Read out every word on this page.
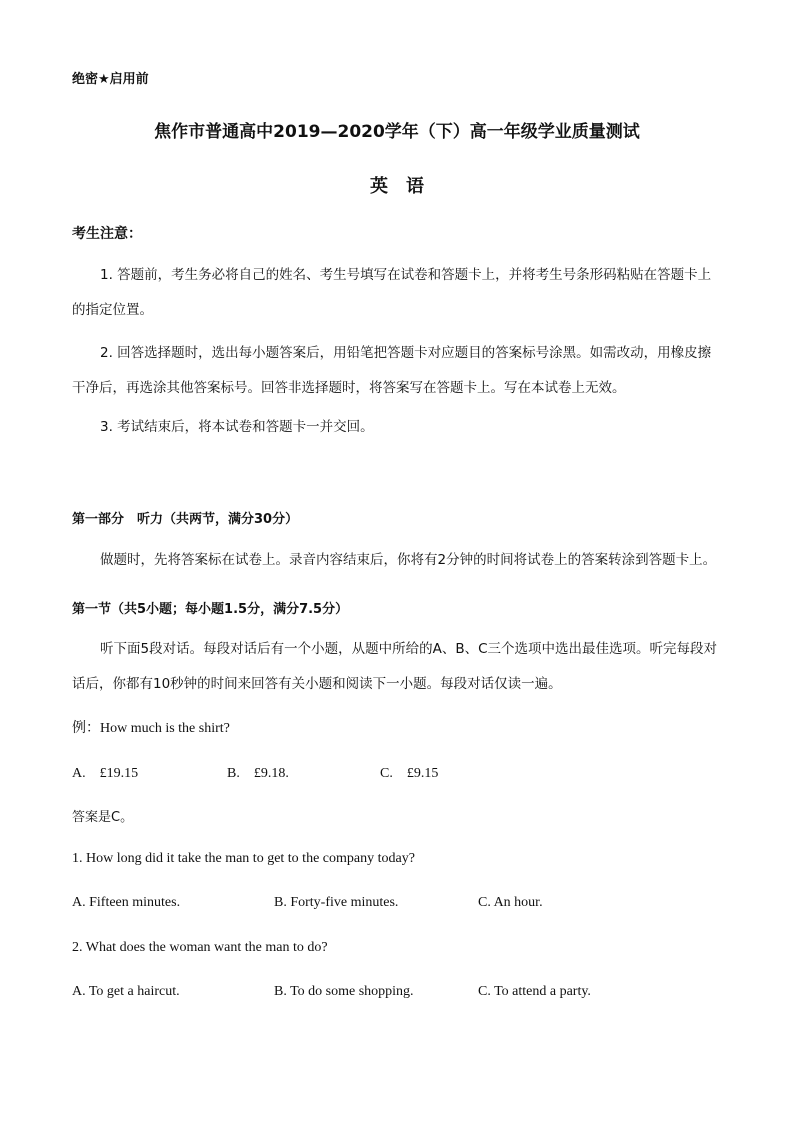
绝密★启用前
焦作市普通高中2019—2020学年（下）高一年级学业质量测试
英　语
考生注意：
1. 答题前，考生务必将自己的姓名、考生号填写在试卷和答题卡上，并将考生号条形码粘贴在答题卡上的指定位置。
2. 回答选择题时，选出每小题答案后，用铅笔把答题卡对应题目的答案标号涂黑。如需改动，用橡皮擦干净后，再选涂其他答案标号。回答非选择题时，将答案写在答题卡上。写在本试卷上无效。
3. 考试结束后，将本试卷和答题卡一并交回。
第一部分　听力（共两节，满分30分）
做题时，先将答案标在试卷上。录音内容结束后，你将有2分钟的时间将试卷上的答案转涂到答题卡上。
第一节（共5小题；每小题1.5分，满分7.5分）
听下面5段对话。每段对话后有一个小题，从题中所给的A、B、C三个选项中选出最佳选项。听完每段对话后，你都有10秒钟的时间来回答有关小题和阅读下一小题。每段对话仅读一遍。
例：How much is the shirt?
A.　£19.15	B.　£9.18.	C.　£9.15
答案是C。
1. How long did it take the man to get to the company today?
A. Fifteen minutes.	B. Forty-five minutes.	C. An hour.
2. What does the woman want the man to do?
A. To get a haircut.	B. To do some shopping.	C. To attend a party.
